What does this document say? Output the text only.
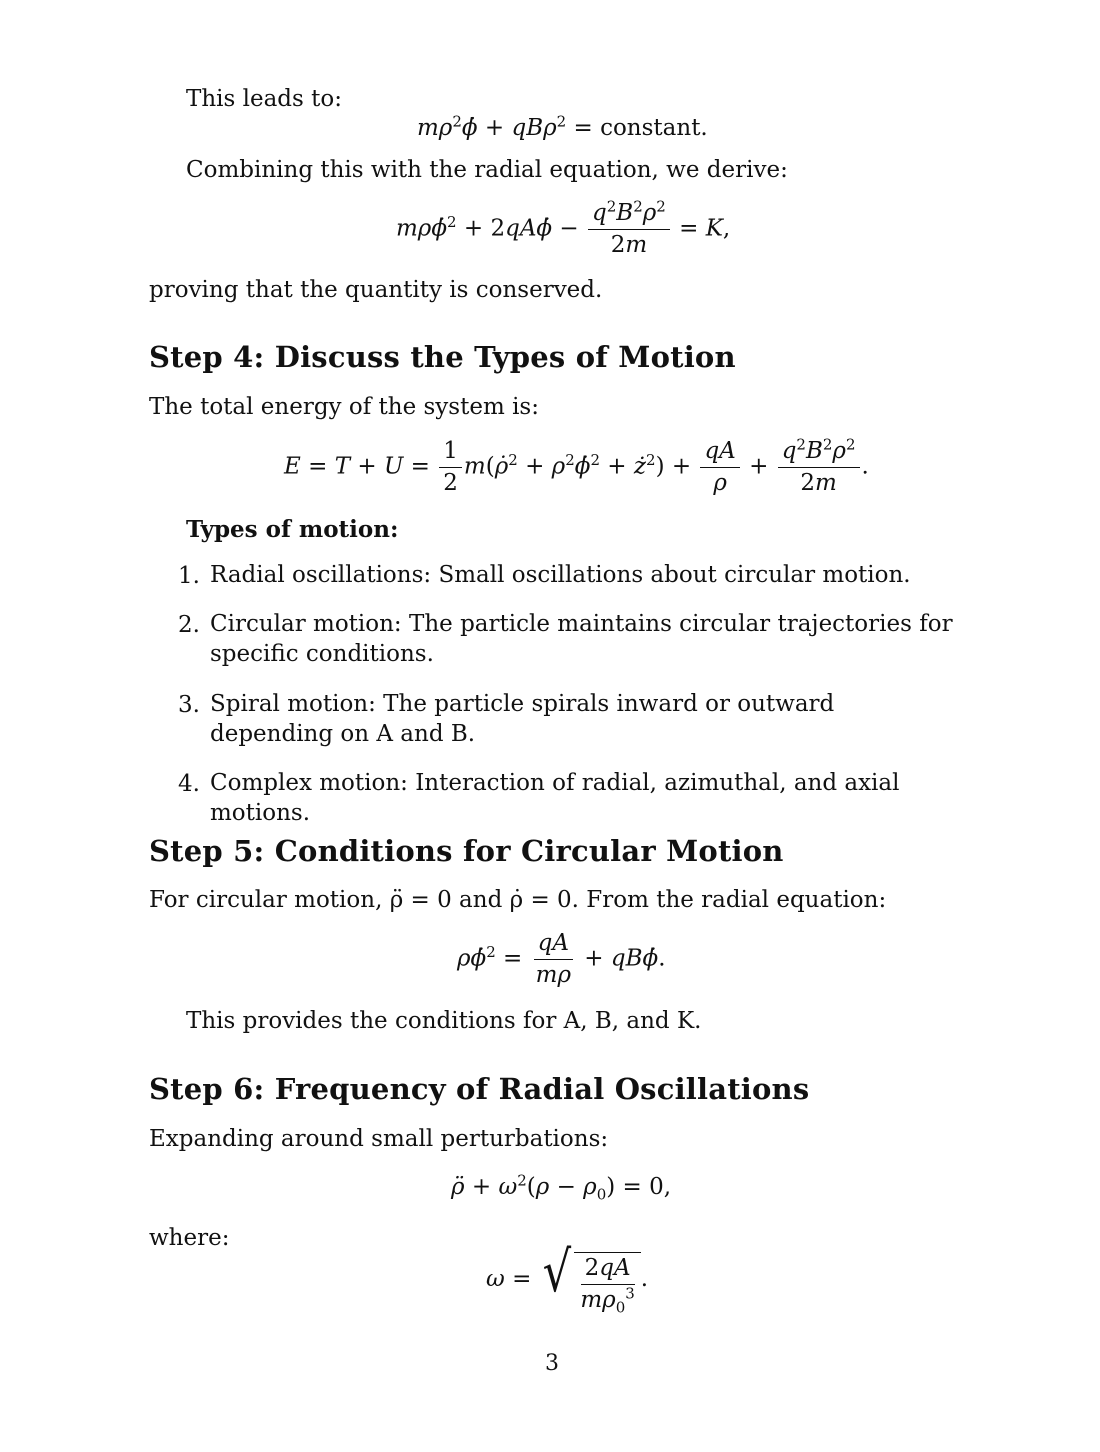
This leads to:
$m\rho^2\phi̇ + qB\rho^2$ = constant.
Combining this with the radial equation, we derive:
mρϕ̇$^2$ + 2qAϕ̇ − $\frac{q^2B^2\rho^2}{2m} = K$,
proving that the quantity is conserved.
Step 4: Discuss the Types of Motion
The total energy of the system is:
$E = T + U = \frac{1}{2}$ m(ρ̇$^2$ + $\rho^2\phi̇^2$ + $ż^2) + \frac{qA}{\rho} + \frac{q^2B^2\rho^2}{2m}$ .
Types of motion:
1. Radial oscillations: Small oscillations about circular motion.
2. Circular motion: The particle maintains circular trajectories for specific conditions.
3. Spiral motion: The particle spirals inward or outward depending on A and B.
4. Complex motion: Interaction of radial, azimuthal, and axial motions.
Step 5: Conditions for Circular Motion
For circular motion, ρ̈ = 0 and ρ̇ = 0. From the radial equation:
ρϕ̇$^2$ = $\frac{qA}{m\rho}$ + qBϕ̇.
This provides the conditions for A, B, and K.
Step 6: Frequency of Radial Oscillations
Expanding around small perturbations:
ρ̈ + $\omega^2(\rho - \rho_0) = 0$,
where:
ω = √ $\frac{2qA}{m\rho_0^3}$ .
3
